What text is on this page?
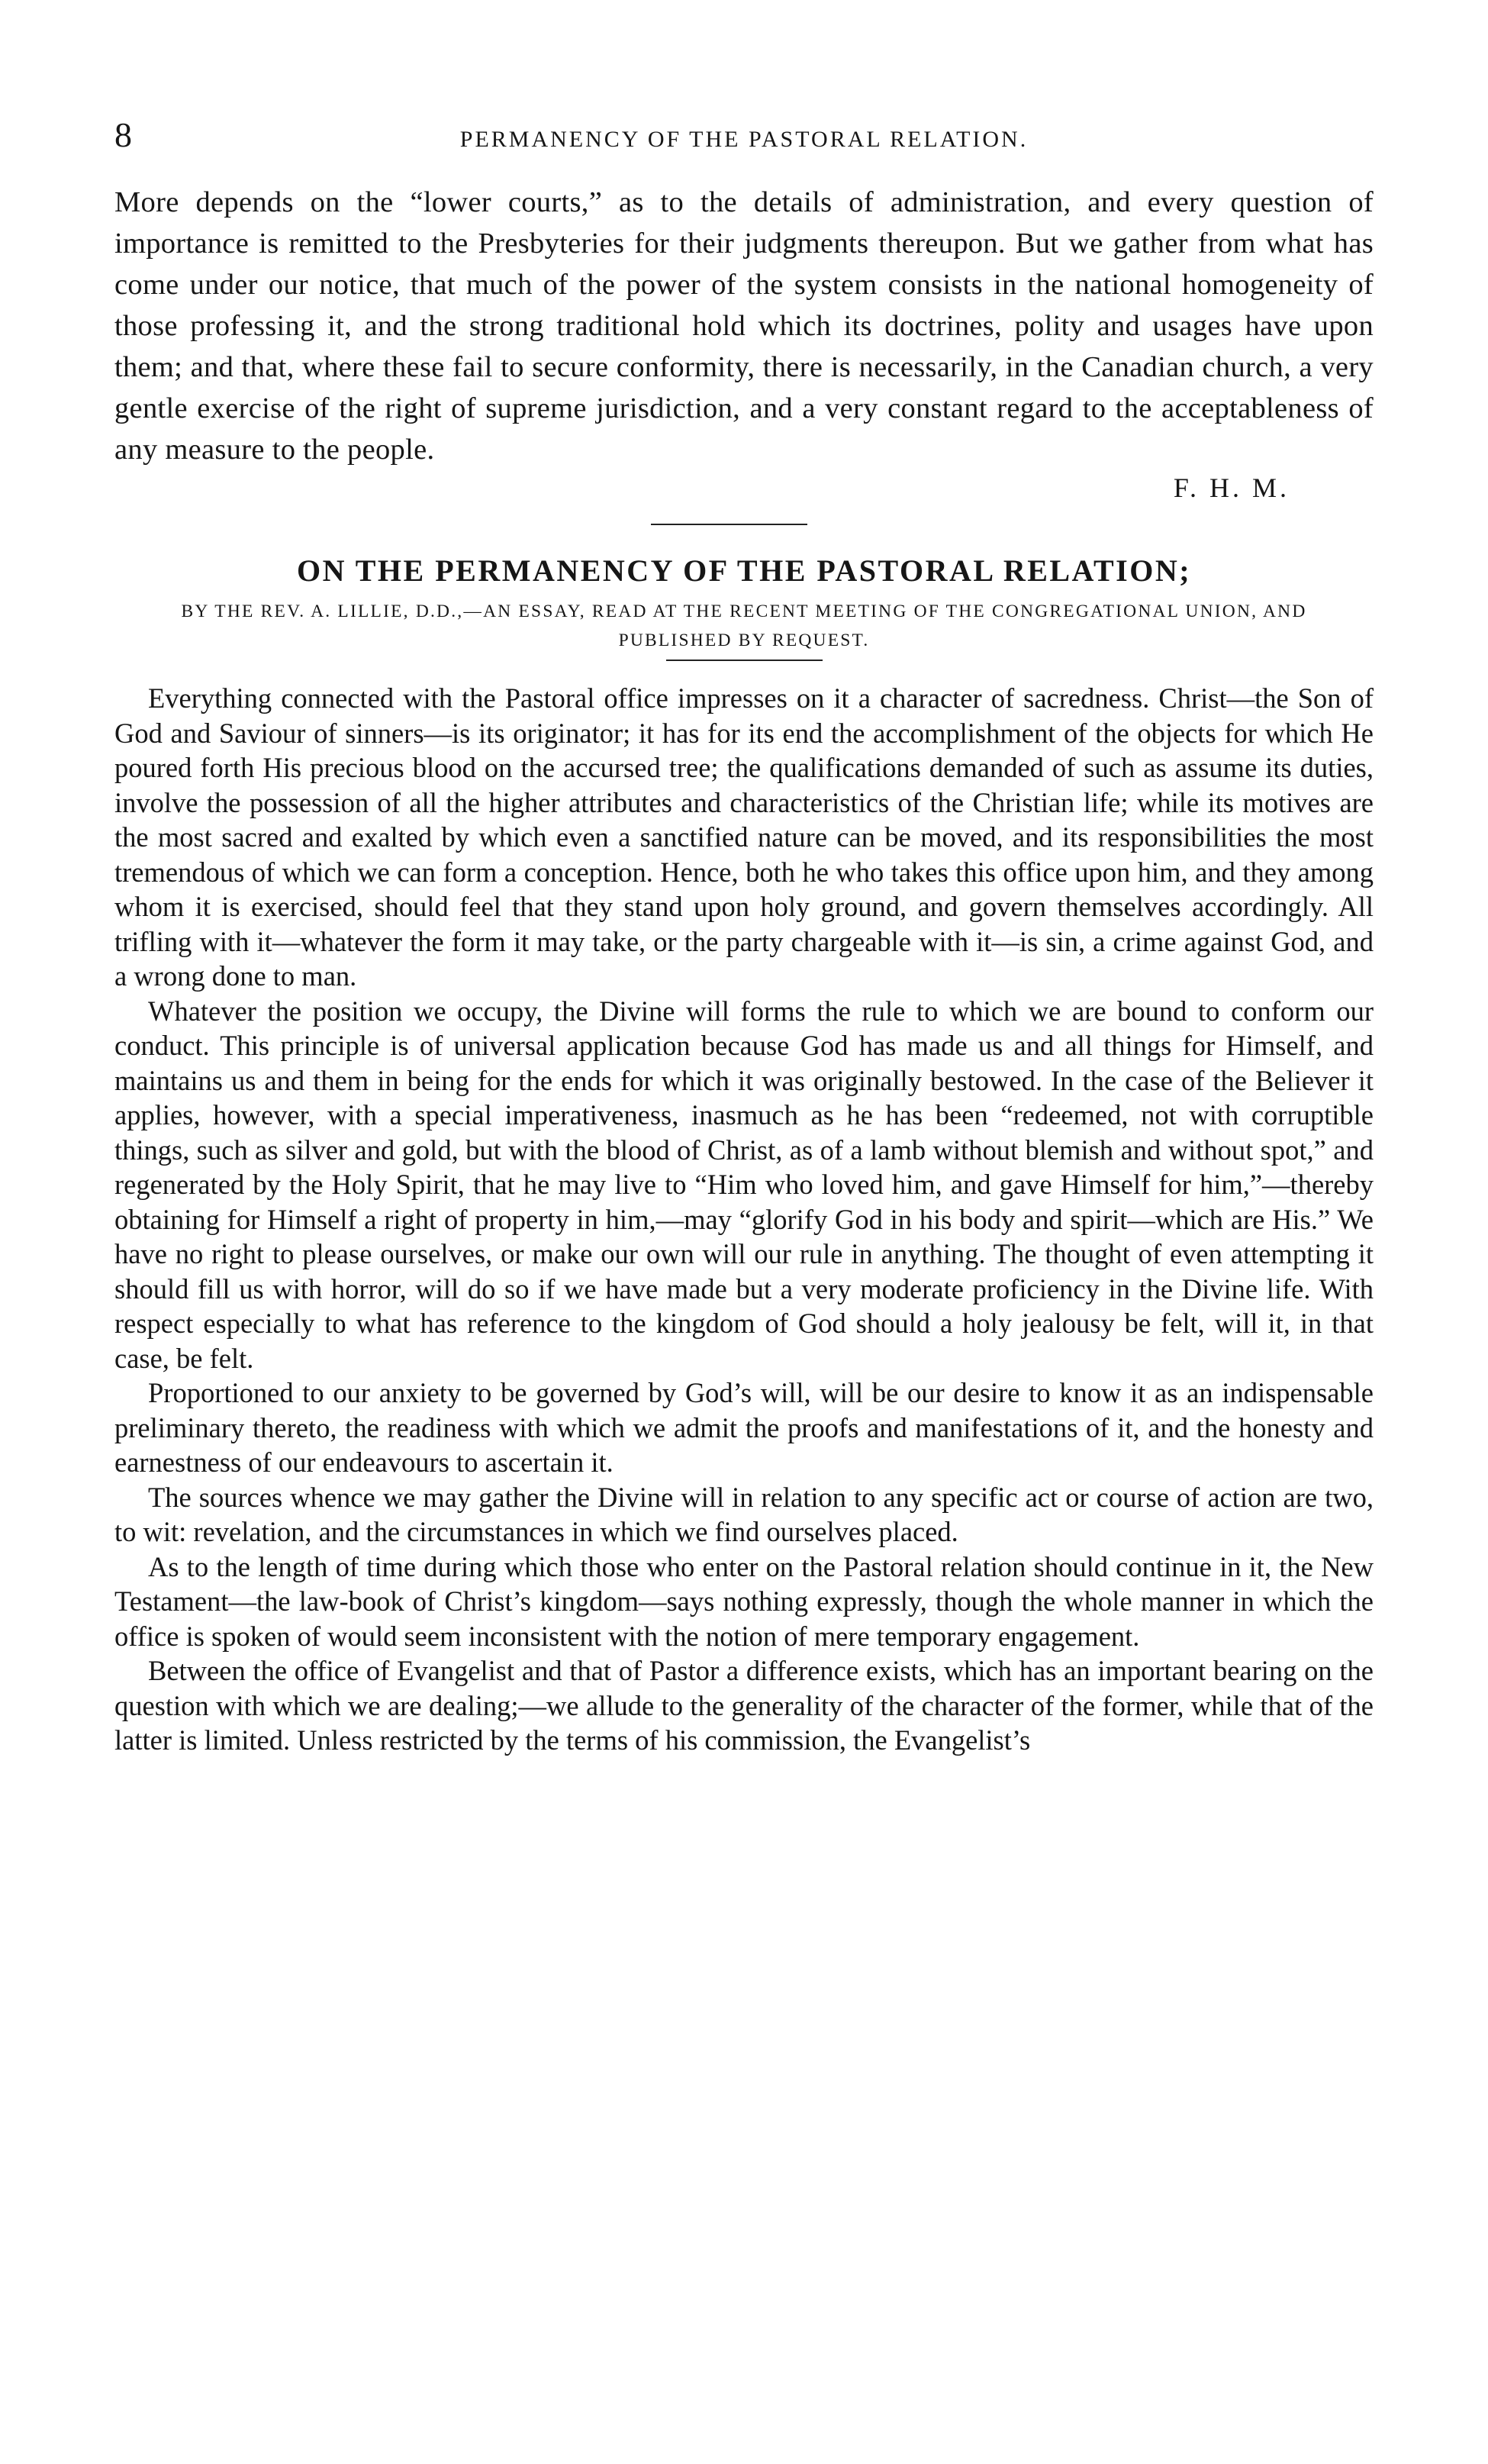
8	PERMANENCY OF THE PASTORAL RELATION.

More depends on the “lᴏwer courts,” as to the details of administration, and every question of importance is remitted to the Presbyteries for their judgments thereupon. But we gather from what has come under our notice, that much of the power of the system consists in the national homogeneity of those professing it, and the strong traditional hold which its doctrines, polity and usages have upon them; and that, where these fail to secure conformity, there is necessarily, in the Canadian church, a very gentle exercise of the right of supreme jurisdiction, and a very constant regard to the acceptableness of any measure to the people.

F. H. M.
ON THE PERMANENCY OF THE PASTORAL RELATION;
BY THE REV. A. LILLIE, D.D.,—AN ESSAY, READ AT THE RECENT MEETING OF THE CONGREGATIONAL UNION, AND PUBLISHED BY REQUEST.

Everything connected with the Pastoral office impresses on it a character of sacredness. Christ—the Son of God and Saviour of sinners—is its originator; it has for its end the accomplishment of the objects for which He poured forth His precious blood on the accursed tree; the qualifications demanded of such as assume its duties, involve the possession of all the higher attributes and characteristics of the Christian life; while its motives are the most sacred and exalted by which even a sanctified nature can be moved, and its responsibilities the most tremendous of which we can form a conception. Hence, both he who takes this office upon him, and they among whom it is exercised, should feel that they stand upon holy ground, and govern themselves accordingly. All trifling with it—whatever the form it may take, or the party chargeable with it—is sin, a crime against God, and a wrong done to man.

Whatever the position we occupy, the Divine will forms the rule to which we are bound to conform our conduct. This principle is of universal application because God has made us and all things for Himself, and maintains us and them in being for the ends for which it was originally bestowed. In the case of the Believer it applies, however, with a special imperativeness, inasmuch as he has been “redeemed, not with corruptible things, such as silver and gold, but with the blood of Christ, as of a lamb without blemish and without spot,” and regenerated by the Holy Spirit, that he may live to “Him who loved him, and gave Himself for him,”—thereby obtaining for Himself a right of property in him,—may “glorify God in his body and spirit—which are His.” We have no right to please ourselves, or make our own will our rule in anything. The thought of even attempting it should fill us with horror, will do so if we have made but a very moderate proficiency in the Divine life. With respect especially to what has reference to the kingdom of God should a holy jealousy be felt, will it, in that case, be felt.

Proportioned to our anxiety to be governed by God’s will, will be our desire to know it as an indispensable preliminary thereto, the readiness with which we admit the proofs and manifestations of it, and the honesty and earnestness of our endeavours to ascertain it.

The sources whence we may gather the Divine will in relation to any specific act or course of action are two, to wit: revelation, and the circumstances in which we find ourselves placed.

As to the length of time during which those who enter on the Pastoral relation should continue in it, the New Testament—the law-book of Christ’s kingdom—says nothing expressly, though the whole manner in which the office is spoken of would seem inconsistent with the notion of mere temporary engagement.

Between the office of Evangelist and that of Pastor a difference exists, which has an important bearing on the question with which we are dealing;—we allude to the generality of the character of the former, while that of the latter is limited. Unless restricted by the terms of his commission, the Evangelist’s
